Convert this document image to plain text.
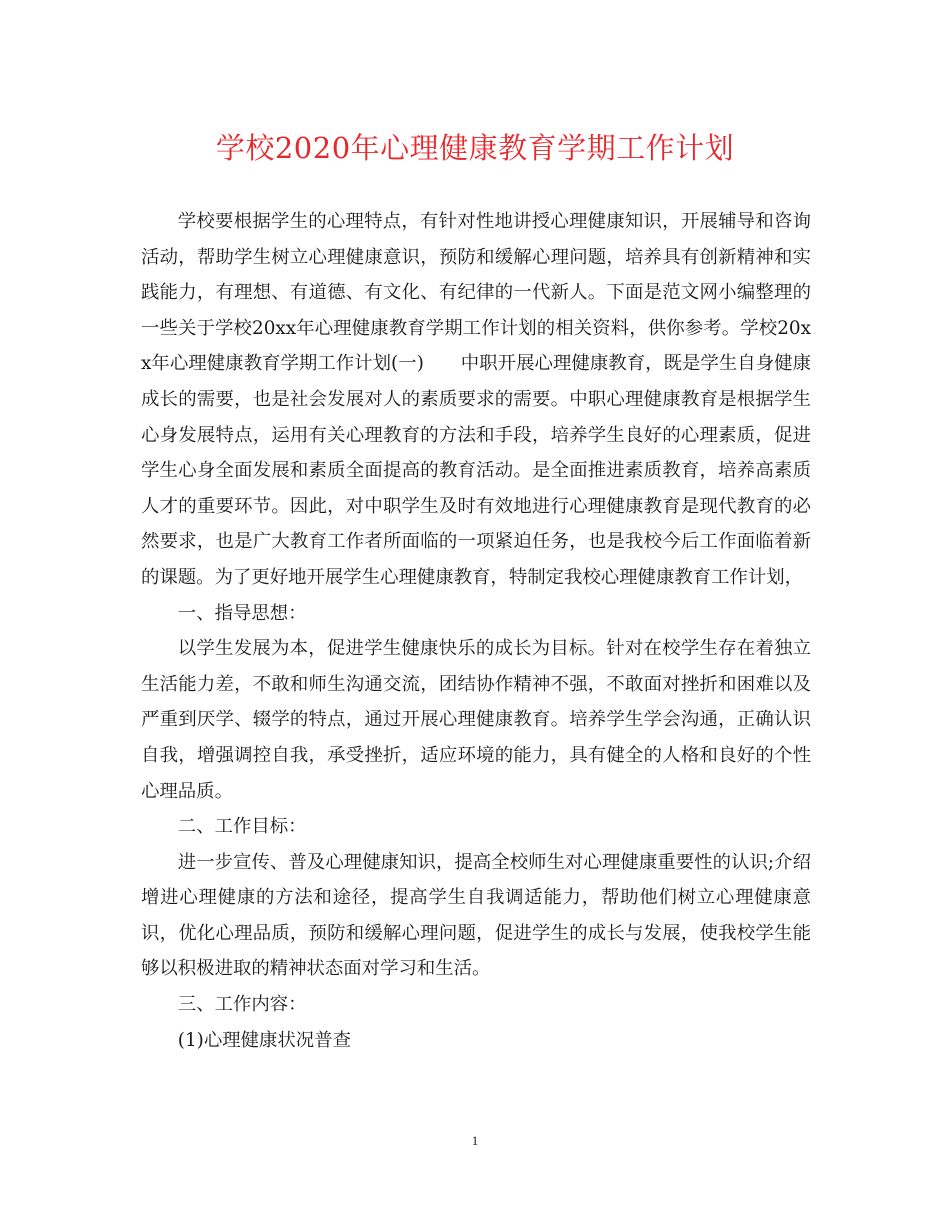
学校2020年心理健康教育学期工作计划

学校要根据学生的心理特点，有针对性地讲授心理健康知识，开展辅导和咨询活动，帮助学生树立心理健康意识，预防和缓解心理问题，培养具有创新精神和实践能力，有理想、有道德、有文化、有纪律的一代新人。下面是范文网小编整理的一些关于学校20xx年心理健康教育学期工作计划的相关资料，供你参考。学校20xx年心理健康教育学期工作计划(一)　　中职开展心理健康教育，既是学生自身健康成长的需要，也是社会发展对人的素质要求的需要。中职心理健康教育是根据学生心身发展特点，运用有关心理教育的方法和手段，培养学生良好的心理素质，促进学生心身全面发展和素质全面提高的教育活动。是全面推进素质教育，培养高素质人才的重要环节。因此，对中职学生及时有效地进行心理健康教育是现代教育的必然要求，也是广大教育工作者所面临的一项紧迫任务，也是我校今后工作面临着新的课题。为了更好地开展学生心理健康教育，特制定我校心理健康教育工作计划，

一、指导思想：

以学生发展为本，促进学生健康快乐的成长为目标。针对在校学生存在着独立生活能力差，不敢和师生沟通交流，团结协作精神不强，不敢面对挫折和困难以及严重到厌学、辍学的特点，通过开展心理健康教育。培养学生学会沟通，正确认识自我，增强调控自我，承受挫折，适应环境的能力，具有健全的人格和良好的个性心理品质。

二、工作目标：

进一步宣传、普及心理健康知识，提高全校师生对心理健康重要性的认识;介绍增进心理健康的方法和途径，提高学生自我调适能力，帮助他们树立心理健康意识，优化心理品质，预防和缓解心理问题，促进学生的成长与发展，使我校学生能够以积极进取的精神状态面对学习和生活。

三、工作内容：

(1)心理健康状况普查

1
